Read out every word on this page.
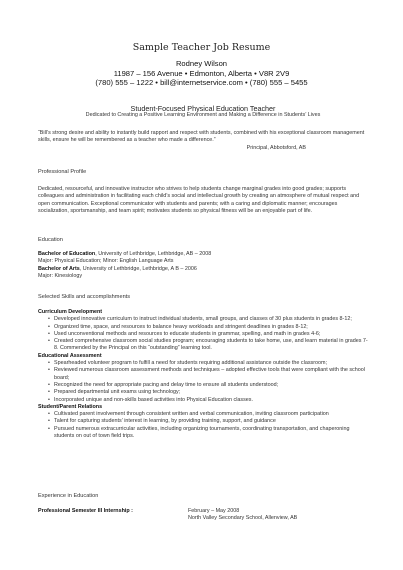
Sample Teacher Job Resume
Rodney Wilson
11987 – 156 Avenue • Edmonton, Alberta • V8R 2V9
(780) 555 – 1222 • bill@internetservice.com • (780) 555 – 5455
Student-Focused Physical Education Teacher
Dedicated to Creating a Positive Learning Environment and Making a Difference in Students’ Lives
“Bill’s strong desire and ability to instantly build rapport and respect with students, combined with his exceptional classroom management skills, ensure he will be remembered as a teacher who made a difference.”
Principal, Abbotsford, AB
Professional Profile
Dedicated, resourceful, and innovative instructor who strives to help students change marginal grades into good grades; supports colleagues and administration in facilitating each child’s social and intellectual growth by creating an atmosphere of mutual respect and open communication. Exceptional communicator with students and parents; with a caring and diplomatic manner; encourages socialization, sportsmanship, and team spirit; motivates students so physical fitness will be an enjoyable part of life.
Education
Bachelor of Education, University of Lethbridge, Lethbridge, AB – 2008
Major: Physical Education; Minor: English Language Arts
Bachelor of Arts, University of Lethbridge, Lethbridge, A B – 2006
Major: Kinesiology
Selected Skills and accomplishments
Curriculum Development
• Developed innovative curriculum to instruct individual students, small groups, and classes of 30 plus students in grades 8-12;
• Organized time, space, and resources to balance heavy workloads and stringent deadlines in grades 8-12;
• Used unconventional methods and resources to educate students in grammar, spelling, and math in grades 4-6;
• Created comprehensive classroom social studies program; encouraging students to take home, use, and learn material in grades 7-8. Commended by the Principal on this “outstanding” learning tool.
Educational Assessment
• Spearheaded volunteer program to fulfill a need for students requiring additional assistance outside the classroom;
• Reviewed numerous classroom assessment methods and techniques – adopted effective tools that were compliant with the school board;
• Recognized the need for appropriate pacing and delay time to ensure all students understood;
• Prepared departmental unit exams using technology;
• Incorporated unique and non-skills based activities into Physical Education classes.
Student/Parent Relations
• Cultivated parent involvement through consistent written and verbal communication, inviting classroom participation
• Talent for capturing students’ interest in learning, by providing training, support, and guidance
• Pursued numerous extracurricular activities, including organizing tournaments, coordinating transportation, and chaperoning students on out of town field trips.
Experience in Education
Professional Semester III Internship :	February – May 2008
North Valley Secondary School, Allenview, AB
